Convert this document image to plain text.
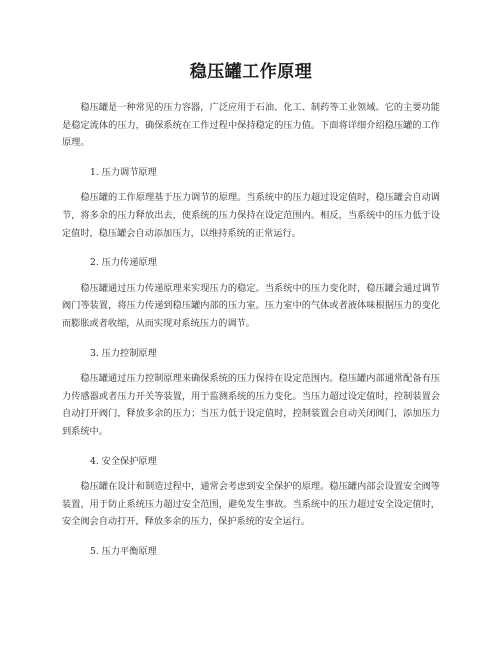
稳压罐工作原理

稳压罐是一种常见的压力容器，广泛应用于石油、化工、制药等工业领域。它的主要功能是稳定流体的压力，确保系统在工作过程中保持稳定的压力值。下面将详细介绍稳压罐的工作原理。

1. 压力调节原理

稳压罐的工作原理基于压力调节的原理。当系统中的压力超过设定值时，稳压罐会自动调节，将多余的压力释放出去，使系统的压力保持在设定范围内。相反，当系统中的压力低于设定值时，稳压罐会自动添加压力，以维持系统的正常运行。

2. 压力传递原理

稳压罐通过压力传递原理来实现压力的稳定。当系统中的压力变化时，稳压罐会通过调节阀门等装置，将压力传递到稳压罐内部的压力室。压力室中的气体或者液体味根据压力的变化而膨胀或者收缩，从而实现对系统压力的调节。

3. 压力控制原理

稳压罐通过压力控制原理来确保系统的压力保持在设定范围内。稳压罐内部通常配备有压力传感器或者压力开关等装置，用于监测系统的压力变化。当压力超过设定值时，控制装置会自动打开阀门，释放多余的压力；当压力低于设定值时，控制装置会自动关闭阀门，添加压力到系统中。

4. 安全保护原理

稳压罐在设计和制造过程中，通常会考虑到安全保护的原理。稳压罐内部会设置安全阀等装置，用于防止系统压力超过安全范围，避免发生事故。当系统中的压力超过安全设定值时，安全阀会自动打开，释放多余的压力，保护系统的安全运行。

5. 压力平衡原理
